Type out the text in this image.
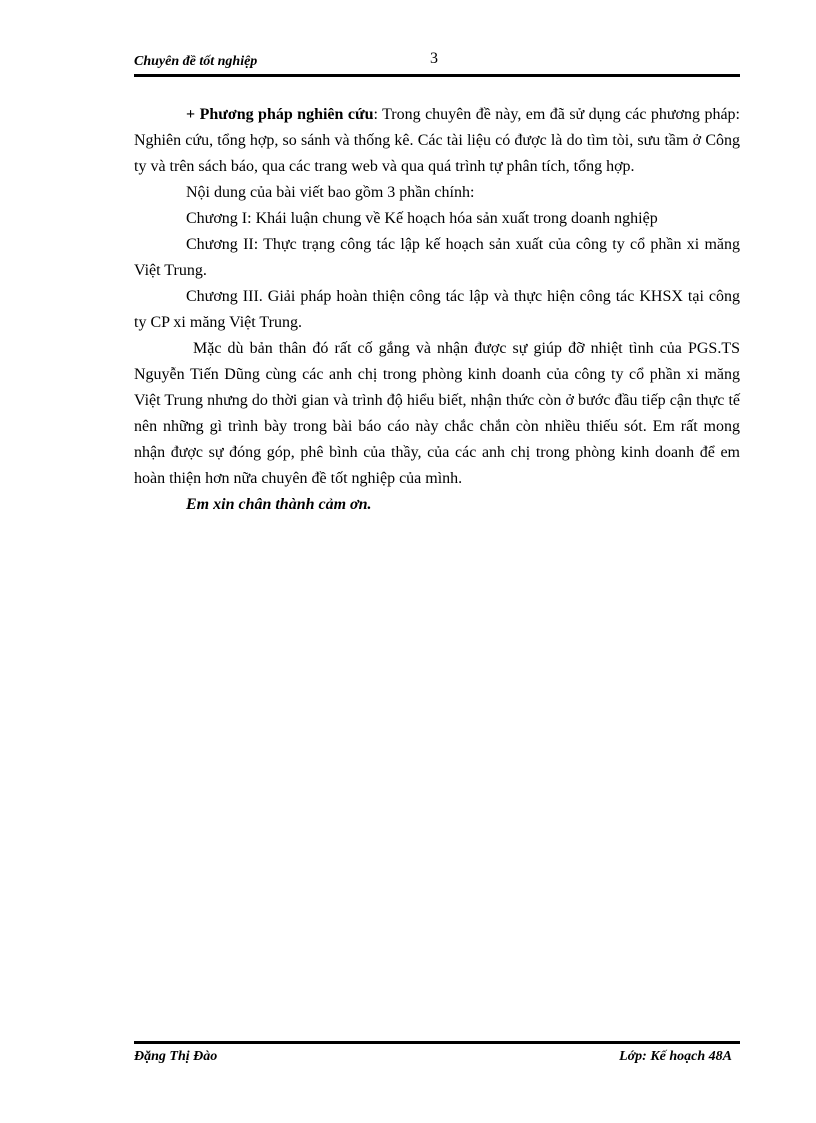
Chuyên đề tốt nghiệp	3

+ Phương pháp nghiên cứu: Trong chuyên đề này, em đã sử dụng các phương pháp: Nghiên cứu, tổng hợp, so sánh và thống kê. Các tài liệu có được là do tìm tòi, sưu tầm ở Công ty và trên sách báo, qua các trang web và qua quá trình tự phân tích, tổng hợp.

Nội dung của bài viết bao gồm 3 phần chính:

Chương I: Khái luận chung về Kế hoạch hóa sản xuất trong doanh nghiệp

Chương II: Thực trạng công tác lập kế hoạch sản xuất của công ty cổ phần xi măng Việt Trung.

Chương III. Giải pháp hoàn thiện công tác lập và thực hiện công tác KHSX tại công ty CP xi măng Việt Trung.

Mặc dù bản thân đó rất cố gắng và nhận được sự giúp đỡ nhiệt tình của PGS.TS Nguyễn Tiến Dũng cùng các anh chị trong phòng kinh doanh của công ty cổ phần xi măng Việt Trung nhưng do thời gian và trình độ hiểu biết, nhận thức còn ở bước đầu tiếp cận thực tế nên những gì trình bày trong bài báo cáo này chắc chắn còn nhiều thiếu sót. Em rất mong nhận được sự đóng góp, phê bình của thầy, của các anh chị trong phòng kinh doanh để em hoàn thiện hơn nữa chuyên đề tốt nghiệp của mình.

Em xin chân thành cảm ơn.

Đặng Thị Đào	Lớp: Kế hoạch 48A
